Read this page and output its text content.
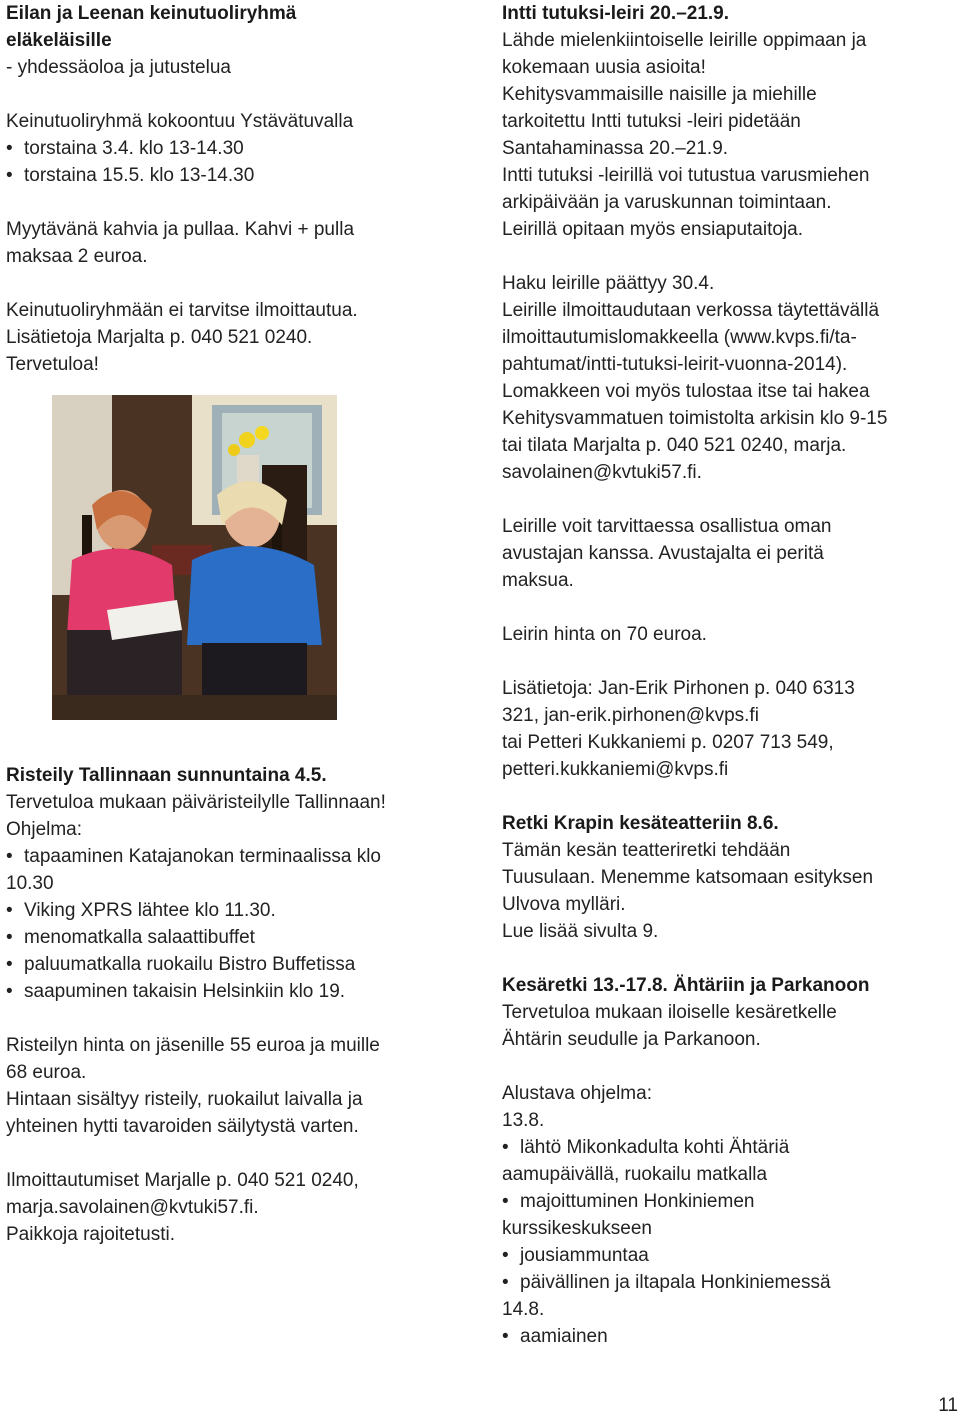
Eilan ja Leenan keinutuoliryhmä
eläkeläisille
- yhdessäoloa ja jutustelua
Keinutuoliryhmä kokoontuu Ystävätuvalla
• torstaina 3.4. klo 13-14.30
• torstaina 15.5. klo 13-14.30
Myytävänä kahvia ja pullaa. Kahvi + pulla
maksaa 2 euroa.
Keinutuoliryhmään ei tarvitse ilmoittautua.
Lisätietoja Marjalta p. 040 521 0240.
Tervetuloa!
Risteily Tallinnaan sunnuntaina 4.5.
Tervetuloa mukaan päiväristeilylle Tallinnaan!
Ohjelma:
• tapaaminen Katajanokan terminaalissa klo
10.30
• Viking XPRS lähtee klo 11.30.
• menomatkalla salaattibuffet
• paluumatkalla ruokailu Bistro Buffetissa
• saapuminen takaisin Helsinkiin klo 19.
Risteilyn hinta on jäsenille 55 euroa ja muille
68 euroa.
Hintaan sisältyy risteily, ruokailut laivalla ja
yhteinen hytti tavaroiden säilytystä varten.
Ilmoittautumiset Marjalle p. 040 521 0240,
marja.savolainen@kvtuki57.fi.
Paikkoja rajoitetusti.
Intti tutuksi-leiri 20.–21.9.
Lähde mielenkiintoiselle leirille oppimaan ja
kokemaan uusia asioita!
Kehitysvammaisille naisille ja miehille
tarkoitettu Intti tutuksi -leiri pidetään
Santahaminassa 20.–21.9.
Intti tutuksi -leirillä voi tutustua varusmiehen
arkipäivään ja varuskunnan toimintaan.
Leirillä opitaan myös ensiaputaitoja.
Haku leirille päättyy 30.4.
Leirille ilmoittaudutaan verkossa täytettävällä
ilmoittautumislomakkeella (www.kvps.fi/ta-
pahtumat/intti-tutuksi-leirit-vuonna-2014).
Lomakkeen voi myös tulostaa itse tai hakea
Kehitysvammatuen toimistolta arkisin klo 9-15
tai tilata Marjalta p. 040 521 0240, marja.
savolainen@kvtuki57.fi.
Leirille voit tarvittaessa osallistua oman
avustajan kanssa. Avustajalta ei peritä
maksua.
Leirin hinta on 70 euroa.
Lisätietoja: Jan-Erik Pirhonen p. 040 6313
321, jan-erik.pirhonen@kvps.fi
tai Petteri Kukkaniemi p. 0207 713 549,
petteri.kukkaniemi@kvps.fi
Retki Krapin kesäteatteriin 8.6.
Tämän kesän teatteriretki tehdään
Tuusulaan. Menemme katsomaan esityksen
Ulvova mylläri.
Lue lisää sivulta 9.
Kesäretki 13.-17.8. Ähtäriin ja Parkanoon
Tervetuloa mukaan iloiselle kesäretkelle
Ähtärin seudulle ja Parkanoon.
Alustava ohjelma:
13.8.
• lähtö Mikonkadulta kohti Ähtäriä
aamupäivällä, ruokailu matkalla
• majoittuminen Honkiniemen
kurssikeskukseen
• jousiammuntaa
• päivällinen ja iltapala Honkiniemessä
14.8.
• aamiainen
11
